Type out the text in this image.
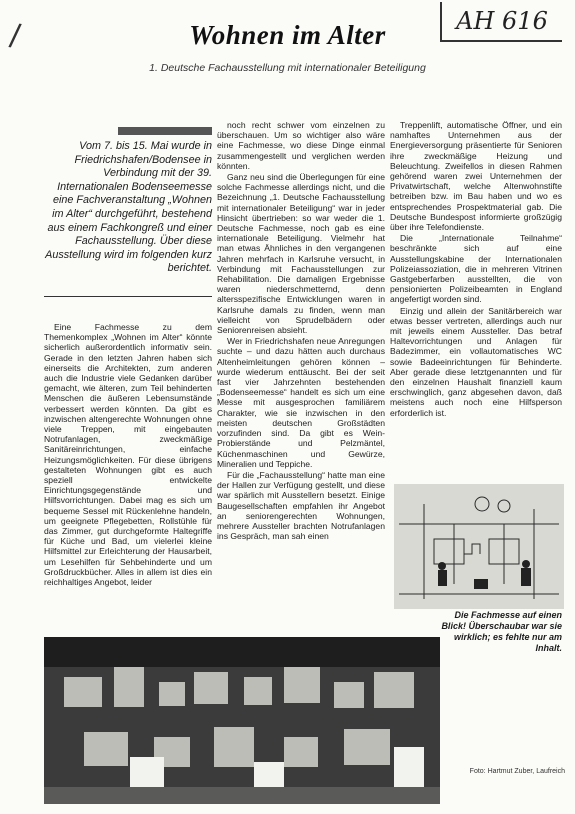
/	AH 616
Wohnen im Alter
1. Deutsche Fachausstellung mit internationaler Beteiligung
Vom 7. bis 15. Mai wurde in Friedrichshafen/Bodensee in Verbindung mit der 39. Internationalen Bodenseemesse eine Fachveranstaltung „Wohnen im Alter“ durchgeführt, bestehend aus einem Fachkongreß und einer Fachausstellung. Über diese Ausstellung wird im folgenden kurz berichtet.

Eine Fachmesse zu dem Themenkomplex „Wohnen im Alter“ könnte sicherlich außerordentlich informativ sein. Gerade in den letzten Jahren haben sich einerseits die Architekten, zum anderen auch die Industrie viele Gedanken darüber gemacht, wie älteren, zum Teil behinderten Menschen die äußeren Lebensumstände verbessert werden könnten. Da gibt es inzwischen altengerechte Wohnungen ohne viele Treppen, mit eingebauten Notrufanlagen, zweckmäßige Sanitäreinrichtungen, einfache Heizungsmöglichkeiten. Für diese übrigens gestalteten Wohnungen gibt es auch speziell entwickelte Einrichtungsgegenstände und Hilfsvorrichtungen. Dabei mag es sich um bequeme Sessel mit Rückenlehne handeln, um geeignete Pflegebetten, Rollstühle für das Zimmer, gut durchgeformte Haltegriffe für Küche und Bad, um vielerlei kleine Hilfsmittel zur Erleichterung der Hausarbeit, um Lesehilfen für Sehbehinderte und um Großdruckbücher. Alles in allem ist dies ein reichhaltiges Angebot, leider

noch recht schwer vom einzelnen zu überschauen. Um so wichtiger also wäre eine Fachmesse, wo diese Dinge einmal zusammengestellt und verglichen werden könnten.

Ganz neu sind die Überlegungen für eine solche Fachmesse allerdings nicht, und die Bezeichnung „1. Deutsche Fachausstellung mit internationaler Beteiligung“ war in jeder Hinsicht übertrieben: so war weder die 1. Deutsche Fachmesse, noch gab es eine internationale Beteiligung. Vielmehr hat man etwas Ähnliches in den vergangenen Jahren mehrfach in Karlsruhe versucht, in Verbindung mit Fachausstellungen zur Rehabilitation. Die damaligen Ergebnisse waren niederschmetternd, denn altersspezifische Entwicklungen waren in Karlsruhe damals zu finden, wenn man vielleicht von Sprudelbädern oder Seniorenreisen absieht.

Wer in Friedrichshafen neue Anregungen suchte – und dazu hätten auch durchaus Altenheimleitungen gehören können – wurde wiederum enttäuscht. Bei der seit fast vier Jahrzehnten bestehenden „Bodenseemesse“ handelt es sich um eine Messe mit ausgesprochen familiärem Charakter, wie sie inzwischen in den meisten deutschen Großstädten vorzufinden sind. Da gibt es Wein-Probierstände und Pelzmäntel, Küchenmaschinen und Gewürze, Mineralien und Teppiche.

Für die „Fachausstellung“ hatte man eine der Hallen zur Verfügung gestellt, und diese war spärlich mit Ausstellern besetzt. Einige Baugesellschaften empfahlen ihr Angebot an seniorengerechten Wohnungen, mehrere Aussteller brachten Notrufanlagen ins Gespräch, man sah einen

Treppenlift, automatische Öffner, und ein namhaftes Unternehmen aus der Energieversorgung präsentierte für Senioren ihre zweckmäßige Heizung und Beleuchtung. Zweifellos in diesen Rahmen gehörend waren zwei Unternehmen der Privatwirtschaft, welche Altenwohnstifte betreiben bzw. im Bau haben und wo es entsprechendes Prospektmaterial gab. Die Deutsche Bundespost informierte großzügig über ihre Telefondienste.

Die „Internationale Teilnahme“ beschränkte sich auf eine Ausstellungskabine der Internationalen Polizeiassoziation, die in mehreren Vitrinen Gastgeberfarben ausstellten, die von pensionierten Polizeibeamten in England angefertigt worden sind.

Einzig und allein der Sanitärbereich war etwas besser vertreten, allerdings auch nur mit jeweils einem Aussteller. Das betraf Haltevorrichtungen und Anlagen für Badezimmer, ein vollautomatisches WC sowie Badeeinrichtungen für Behinderte. Aber gerade diese letztgenannten und für den einzelnen Haushalt finanziell kaum erschwinglich, ganz abgesehen davon, daß meistens auch noch eine Hilfsperson erforderlich ist.

Die Fachmesse auf einen Blick! Überschaubar war sie wirklich; es fehlte nur am Inhalt.
Foto: Hartmut Zuber, Laufreich
